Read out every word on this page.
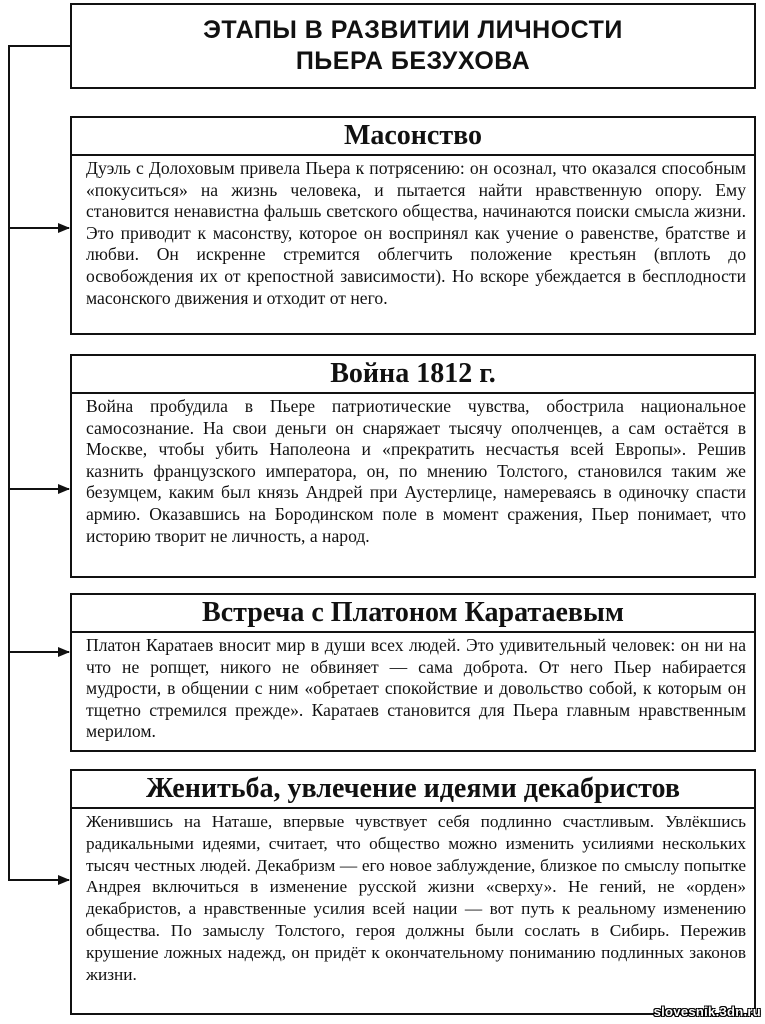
ЭТАПЫ В РАЗВИТИИ ЛИЧНОСТИ
ПЬЕРА БЕЗУХОВА
Масонство
Дуэль с Долоховым привела Пьера к потрясению: он осознал, что оказался способным «покуситься» на жизнь человека, и пытается найти нравственную опору. Ему становится ненавистна фальшь светского общества, начинаются поиски смысла жизни. Это приводит к масонству, которое он воспринял как учение о равенстве, братстве и любви. Он искренне стремится облегчить положение крестьян (вплоть до освобождения их от крепостной зависимости). Но вскоре убеждается в бесплодности масонского движения и отходит от него.
Война 1812 г.
Война пробудила в Пьере патриотические чувства, обострила национальное самосознание. На свои деньги он снаряжает тысячу ополченцев, а сам остаётся в Москве, чтобы убить Наполеона и «прекратить несчастья всей Европы». Решив казнить французского императора, он, по мнению Толстого, становился таким же безумцем, каким был князь Андрей при Аустерлице, намереваясь в одиночку спасти армию. Оказавшись на Бородинском поле в момент сражения, Пьер понимает, что историю творит не личность, а народ.
Встреча с Платоном Каратаевым
Платон Каратаев вносит мир в души всех людей. Это удивительный человек: он ни на что не ропщет, никого не обвиняет — сама доброта. От него Пьер набирается мудрости, в общении с ним «обретает спокойствие и довольство собой, к которым он тщетно стремился прежде». Каратаев становится для Пьера главным нравственным мерилом.
Женитьба, увлечение идеями декабристов
Женившись на Наташе, впервые чувствует себя подлинно счастливым. Увлёкшись радикальными идеями, считает, что общество можно изменить усилиями нескольких тысяч честных людей. Декабризм — его новое заблуждение, близкое по смыслу попытке Андрея включиться в изменение русской жизни «сверху». Не гений, не «орден» декабристов, а нравственные усилия всей нации — вот путь к реальному изменению общества. По замыслу Толстого, героя должны были сослать в Сибирь. Пережив крушение ложных надежд, он придёт к окончательному пониманию подлинных законов жизни.
slovesnik.3dn.ru
